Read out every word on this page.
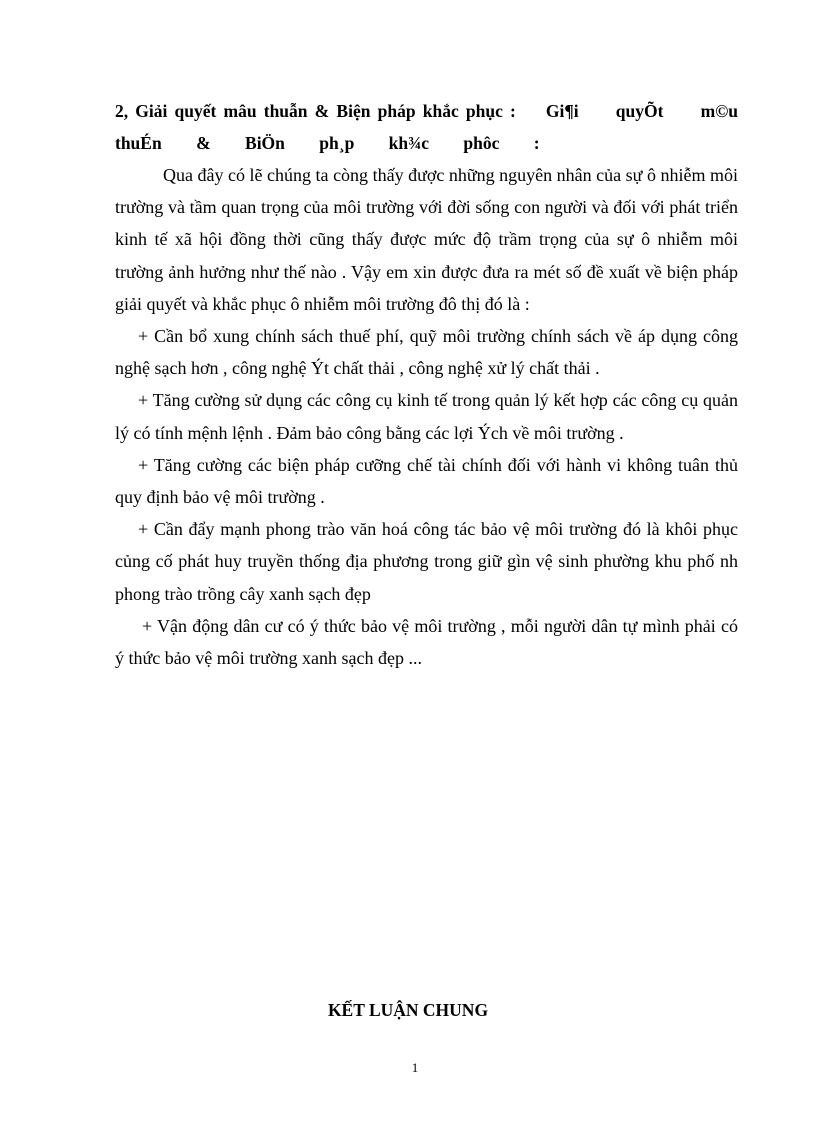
2, Giải quyết mâu thuẫn & Biện pháp khắc phục : Gi¶i quyÕt m©u thuÉn & BiÖn ph¸p kh¾c phôc :

Qua đây có lẽ chúng ta còng thấy được những nguyên nhân của sự ô nhiễm môi trường và tầm quan trọng của môi trường với đời sống con người và đối với phát triển kinh tế xã hội đồng thời cũng thấy được mức độ trầm trọng của sự ô nhiễm môi trường ảnh hưởng như thế nào . Vậy em xin được đưa ra mét số đề xuất về biện pháp giải quyết và khắc phục ô nhiễm môi trường đô thị đó là :

+ Cần bổ xung chính sách thuế phí, quỹ môi trường chính sách về áp dụng công nghệ sạch hơn , công nghệ Ýt chất thải , công nghệ xử lý chất thải .

+ Tăng cường sử dụng các công cụ kinh tế trong quản lý kết hợp các công cụ quản lý có tính mệnh lệnh . Đảm bảo công bằng các lợi Ých về môi trường .

+ Tăng cường các biện pháp cưỡng chế tài chính đối với hành vi không tuân thủ quy định bảo vệ môi trường .

+ Cần đẩy mạnh phong trào văn hoá công tác bảo vệ môi trường đó là khôi phục củng cố phát huy truyền thống địa phương trong giữ gìn vệ sinh phường khu phố nh phong trào trồng cây xanh sạch đẹp

+ Vận động dân cư có ý thức bảo vệ môi trường , mỗi người dân tự mình phải có ý thức bảo vệ môi trường xanh sạch đẹp ...

KẾT LUẬN CHUNG

1
